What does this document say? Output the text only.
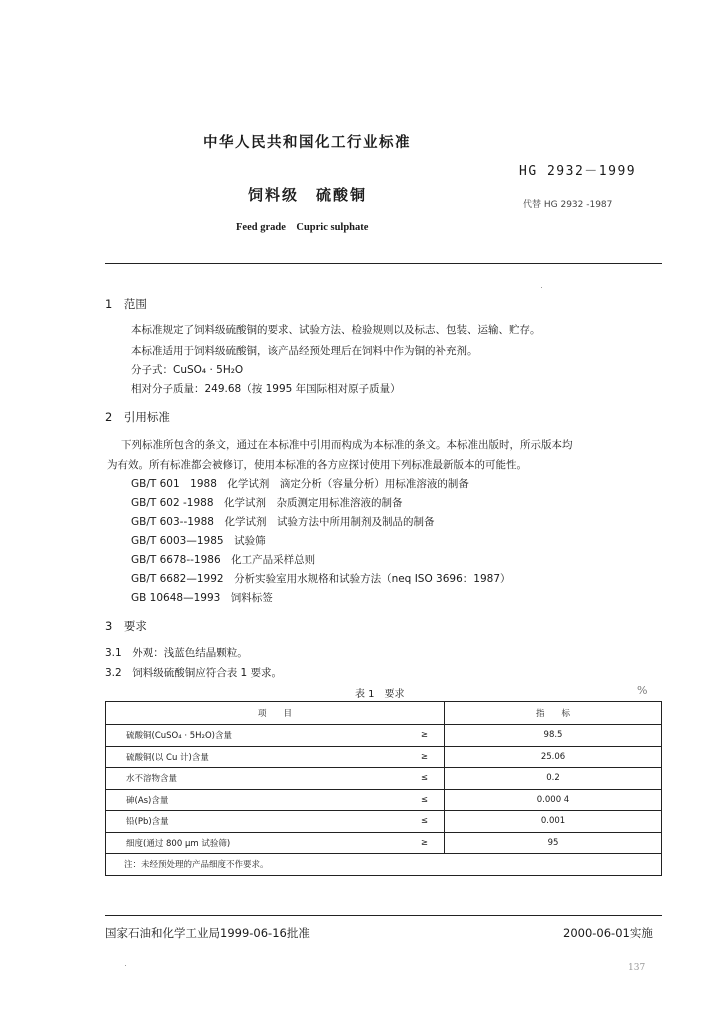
中华人民共和国化工行业标准
HG 2932－1999
饲料级　硫酸铜
代替 HG 2932 -1987
Feed grade　Cupric sulphate
1　范围
本标准规定了饲料级硫酸铜的要求、试验方法、检验规则以及标志、包装、运输、贮存。
本标准适用于饲料级硫酸铜，该产品经预处理后在饲料中作为铜的补充剂。
分子式：CuSO₄ · 5H₂O
相对分子质量：249.68（按 1995 年国际相对原子质量）
2　引用标准
下列标准所包含的条文，通过在本标准中引用而构成为本标准的条文。本标准出版时，所示版本均
为有效。所有标准都会被修订，使用本标准的各方应探讨使用下列标准最新版本的可能性。
GB/T 601　1988　化学试剂　滴定分析（容量分析）用标准溶液的制备
GB/T 602 -1988　化学试剂　杂质测定用标准溶液的制备
GB/T 603--1988　化学试剂　试验方法中所用制剂及制品的制备
GB/T 6003—1985　试验筛
GB/T 6678--1986　化工产品采样总则
GB/T 6682—1992　分析实验室用水规格和试验方法（neq ISO 3696：1987）
GB 10648—1993　饲料标签
3　要求
3.1　外观：浅蓝色结晶颗粒。
3.2　饲料级硫酸铜应符合表 1 要求。
表 1　要求	%
项　　目		指　　标
硫酸铜(CuSO₄ · 5H₂O)含量	≥	98.5
硫酸铜(以 Cu 计)含量	≥	25.06
水不溶物含量	≤	0.2
砷(As)含量	≤	0.000 4
铅(Pb)含量	≤	0.001
细度(通过 800 μm 试验筛)	≥	95
注：未经预处理的产品细度不作要求。		
国家石油和化学工业局1999-06-16批准	2000-06-01实施
137
